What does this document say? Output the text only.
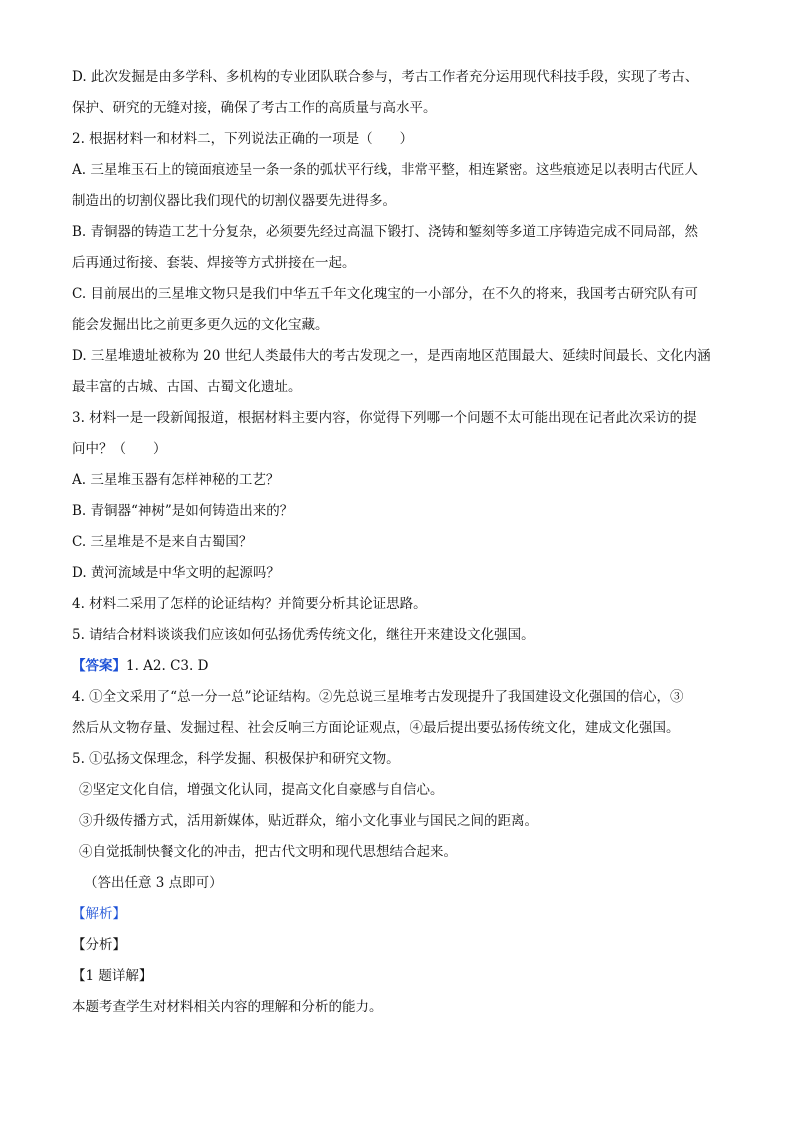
D. 此次发掘是由多学科、多机构的专业团队联合参与，考古工作者充分运用现代科技手段，实现了考古、
保护、研究的无缝对接，确保了考古工作的高质量与高水平。
2. 根据材料一和材料二，下列说法正确的一项是（　　）
A. 三星堆玉石上的镜面痕迹呈一条一条的弧状平行线，非常平整，相连紧密。这些痕迹足以表明古代匠人
制造出的切割仪器比我们现代的切割仪器要先进得多。
B. 青铜器的铸造工艺十分复杂，必须要先经过高温下锻打、浇铸和錾刻等多道工序铸造完成不同局部，然
后再通过衔接、套装、焊接等方式拼接在一起。
C. 目前展出的三星堆文物只是我们中华五千年文化瑰宝的一小部分，在不久的将来，我国考古研究队有可
能会发掘出比之前更多更久远的文化宝藏。
D. 三星堆遗址被称为 20 世纪人类最伟大的考古发现之一，是西南地区范围最大、延续时间最长、文化内涵
最丰富的古城、古国、古蜀文化遗址。
3. 材料一是一段新闻报道，根据材料主要内容，你觉得下列哪一个问题不太可能出现在记者此次采访的提
问中？（　　）
A. 三星堆玉器有怎样神秘的工艺？
B. 青铜器“神树”是如何铸造出来的？
C. 三星堆是不是来自古蜀国？
D. 黄河流域是中华文明的起源吗？
4. 材料二采用了怎样的论证结构？并简要分析其论证思路。
5. 请结合材料谈谈我们应该如何弘扬优秀传统文化，继往开来建设文化强国。
【答案】1. A2. C3. D
4. ①全文采用了“总一分一总”论证结构。②先总说三星堆考古发现提升了我国建设文化强国的信心，③
然后从文物存量、发掘过程、社会反响三方面论证观点，④最后提出要弘扬传统文化，建成文化强国。
5. ①弘扬文保理念，科学发掘、积极保护和研究文物。
②坚定文化自信，增强文化认同，提高文化自豪感与自信心。
③升级传播方式，活用新媒体，贴近群众，缩小文化事业与国民之间的距离。
④自觉抵制快餐文化的冲击，把古代文明和现代思想结合起来。
（答出任意 3 点即可）
【解析】
【分析】
【1 题详解】
本题考查学生对材料相关内容的理解和分析的能力。
